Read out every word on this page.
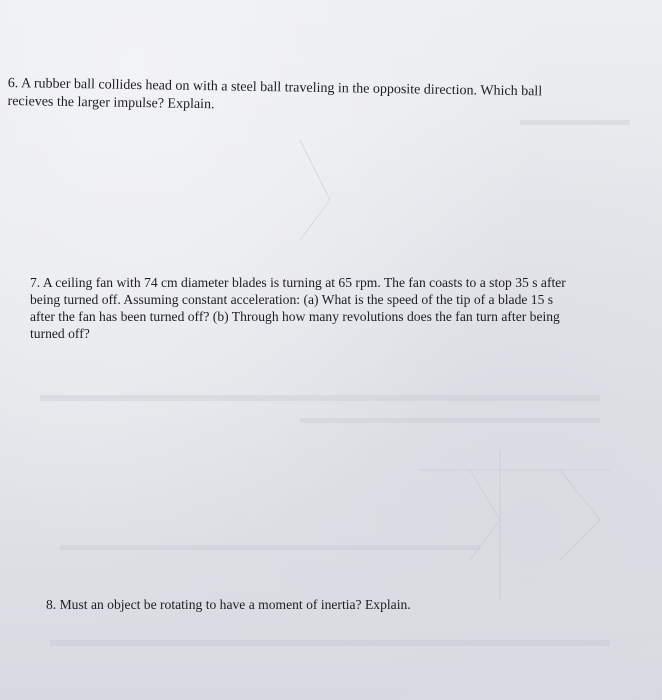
6. A rubber ball collides head on with a steel ball traveling in the opposite direction. Which ball
recieves the larger impulse? Explain.

7. A ceiling fan with 74 cm diameter blades is turning at 65 rpm. The fan coasts to a stop 35 s after
being turned off. Assuming constant acceleration: (a) What is the speed of the tip of a blade 15 s
after the fan has been turned off? (b) Through how many revolutions does the fan turn after being
turned off?

8. Must an object be rotating to have a moment of inertia? Explain.
